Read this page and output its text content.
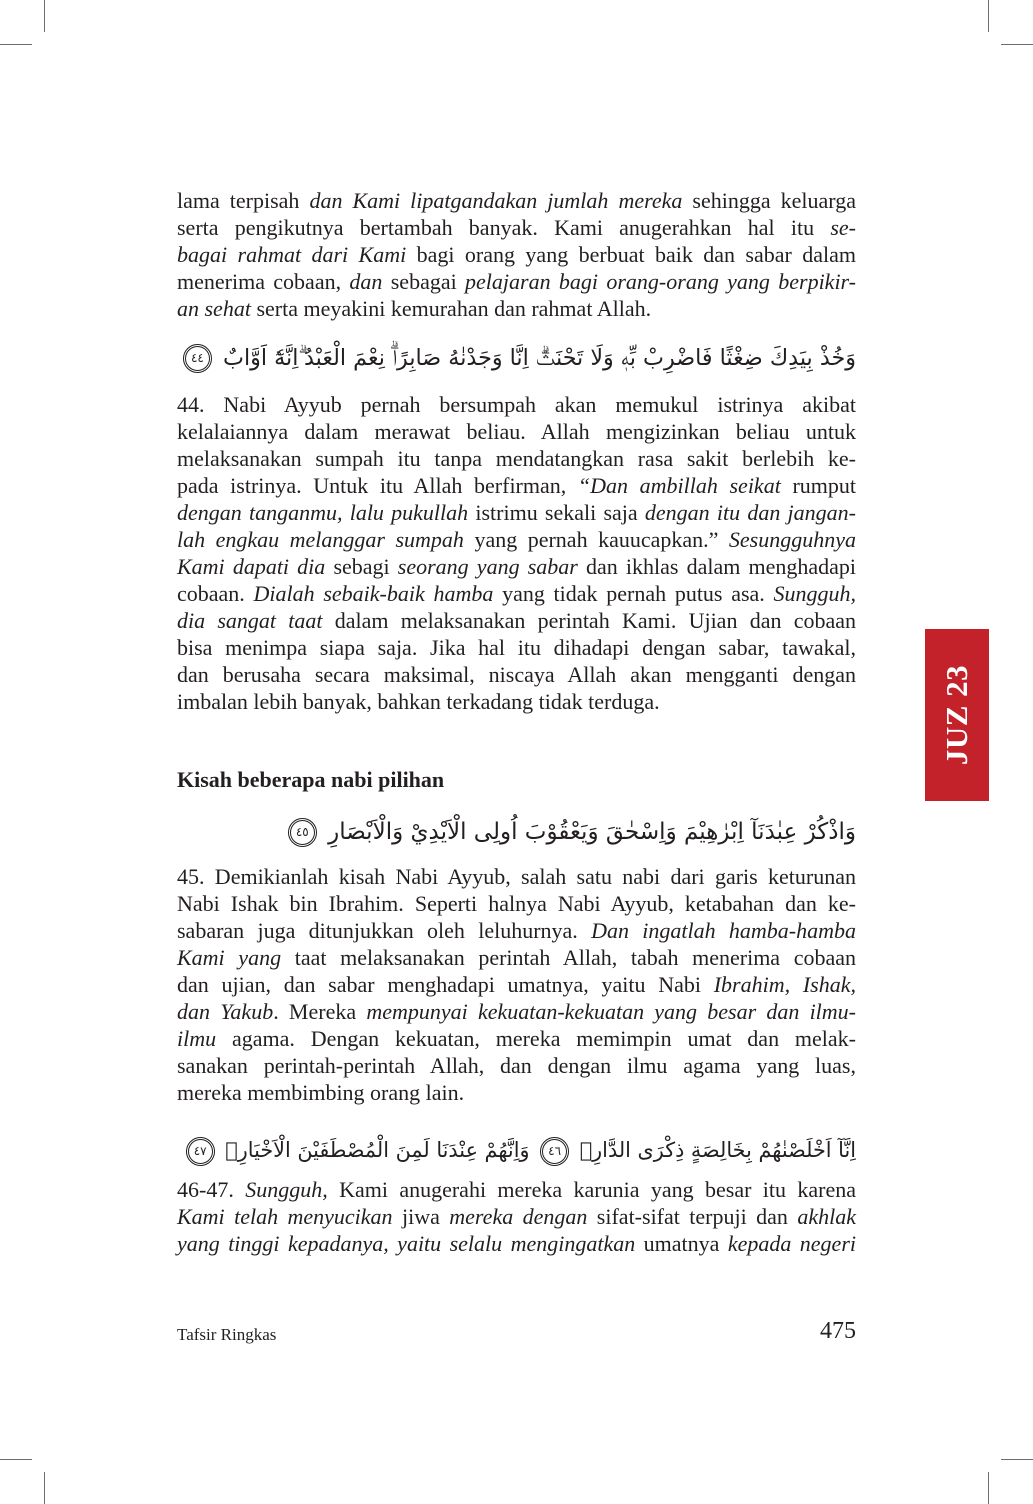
lama terpisah dan Kami lipatgandakan jumlah mereka sehingga keluarga
serta pengikutnya bertambah banyak. Kami anugerahkan hal itu se-
bagai rahmat dari Kami bagi orang yang berbuat baik dan sabar dalam
menerima cobaan, dan sebagai pelajaran bagi orang-orang yang berpikir-
an sehat serta meyakini kemurahan dan rahmat Allah.
وَخُذْ بِيَدِكَ ضِغْثًا فَاضْرِبْ بِّهٖ وَلَا تَحْنَثْۗ اِنَّا وَجَدْنٰهُ صَابِرًاۗ نِعْمَ الْعَبْدُ ۗاِنَّهٗٓ اَوَّابٌ ٤٤
44. Nabi Ayyub pernah bersumpah akan memukul istrinya akibat
kelalaiannya dalam merawat beliau. Allah mengizinkan beliau untuk
melaksanakan sumpah itu tanpa mendatangkan rasa sakit berlebih ke-
pada istrinya. Untuk itu Allah berfirman, “Dan ambillah seikat rumput
dengan tanganmu, lalu pukullah istrimu sekali saja dengan itu dan jangan-
lah engkau melanggar sumpah yang pernah kauucapkan.” Sesungguhnya
Kami dapati dia sebagi seorang yang sabar dan ikhlas dalam menghadapi
cobaan. Dialah sebaik-baik hamba yang tidak pernah putus asa. Sungguh,
dia sangat taat dalam melaksanakan perintah Kami. Ujian dan cobaan
bisa menimpa siapa saja. Jika hal itu dihadapi dengan sabar, tawakal,
dan berusaha secara maksimal, niscaya Allah akan mengganti dengan
imbalan lebih banyak, bahkan terkadang tidak terduga.
Kisah beberapa nabi pilihan
وَاذْكُرْ عِبٰدَنَآ اِبْرٰهِيْمَ وَاِسْحٰقَ وَيَعْقُوْبَ اُولِى الْاَيْدِيْ وَالْاَبْصَارِ ٤٥
45. Demikianlah kisah Nabi Ayyub, salah satu nabi dari garis keturunan
Nabi Ishak bin Ibrahim. Seperti halnya Nabi Ayyub, ketabahan dan ke-
sabaran juga ditunjukkan oleh leluhurnya. Dan ingatlah hamba-hamba
Kami yang taat melaksanakan perintah Allah, tabah menerima cobaan
dan ujian, dan sabar menghadapi umatnya, yaitu Nabi Ibrahim, Ishak,
dan Yakub. Mereka mempunyai kekuatan-kekuatan yang besar dan ilmu-
ilmu agama. Dengan kekuatan, mereka memimpin umat dan melak-
sanakan perintah-perintah Allah, dan dengan ilmu agama yang luas,
mereka membimbing orang lain.
اِنَّآ اَخْلَصْنٰهُمْ بِخَالِصَةٍ ذِكْرَى الدَّارِۚ ٤٦ وَاِنَّهُمْ عِنْدَنَا لَمِنَ الْمُصْطَفَيْنَ الْاَخْيَارِۗ ٤٧
46-47. Sungguh, Kami anugerahi mereka karunia yang besar itu karena
Kami telah menyucikan jiwa mereka dengan sifat-sifat terpuji dan akhlak
yang tinggi kepadanya, yaitu selalu mengingatkan umatnya kepada negeri
JUZ 23
Tafsir Ringkas	475
